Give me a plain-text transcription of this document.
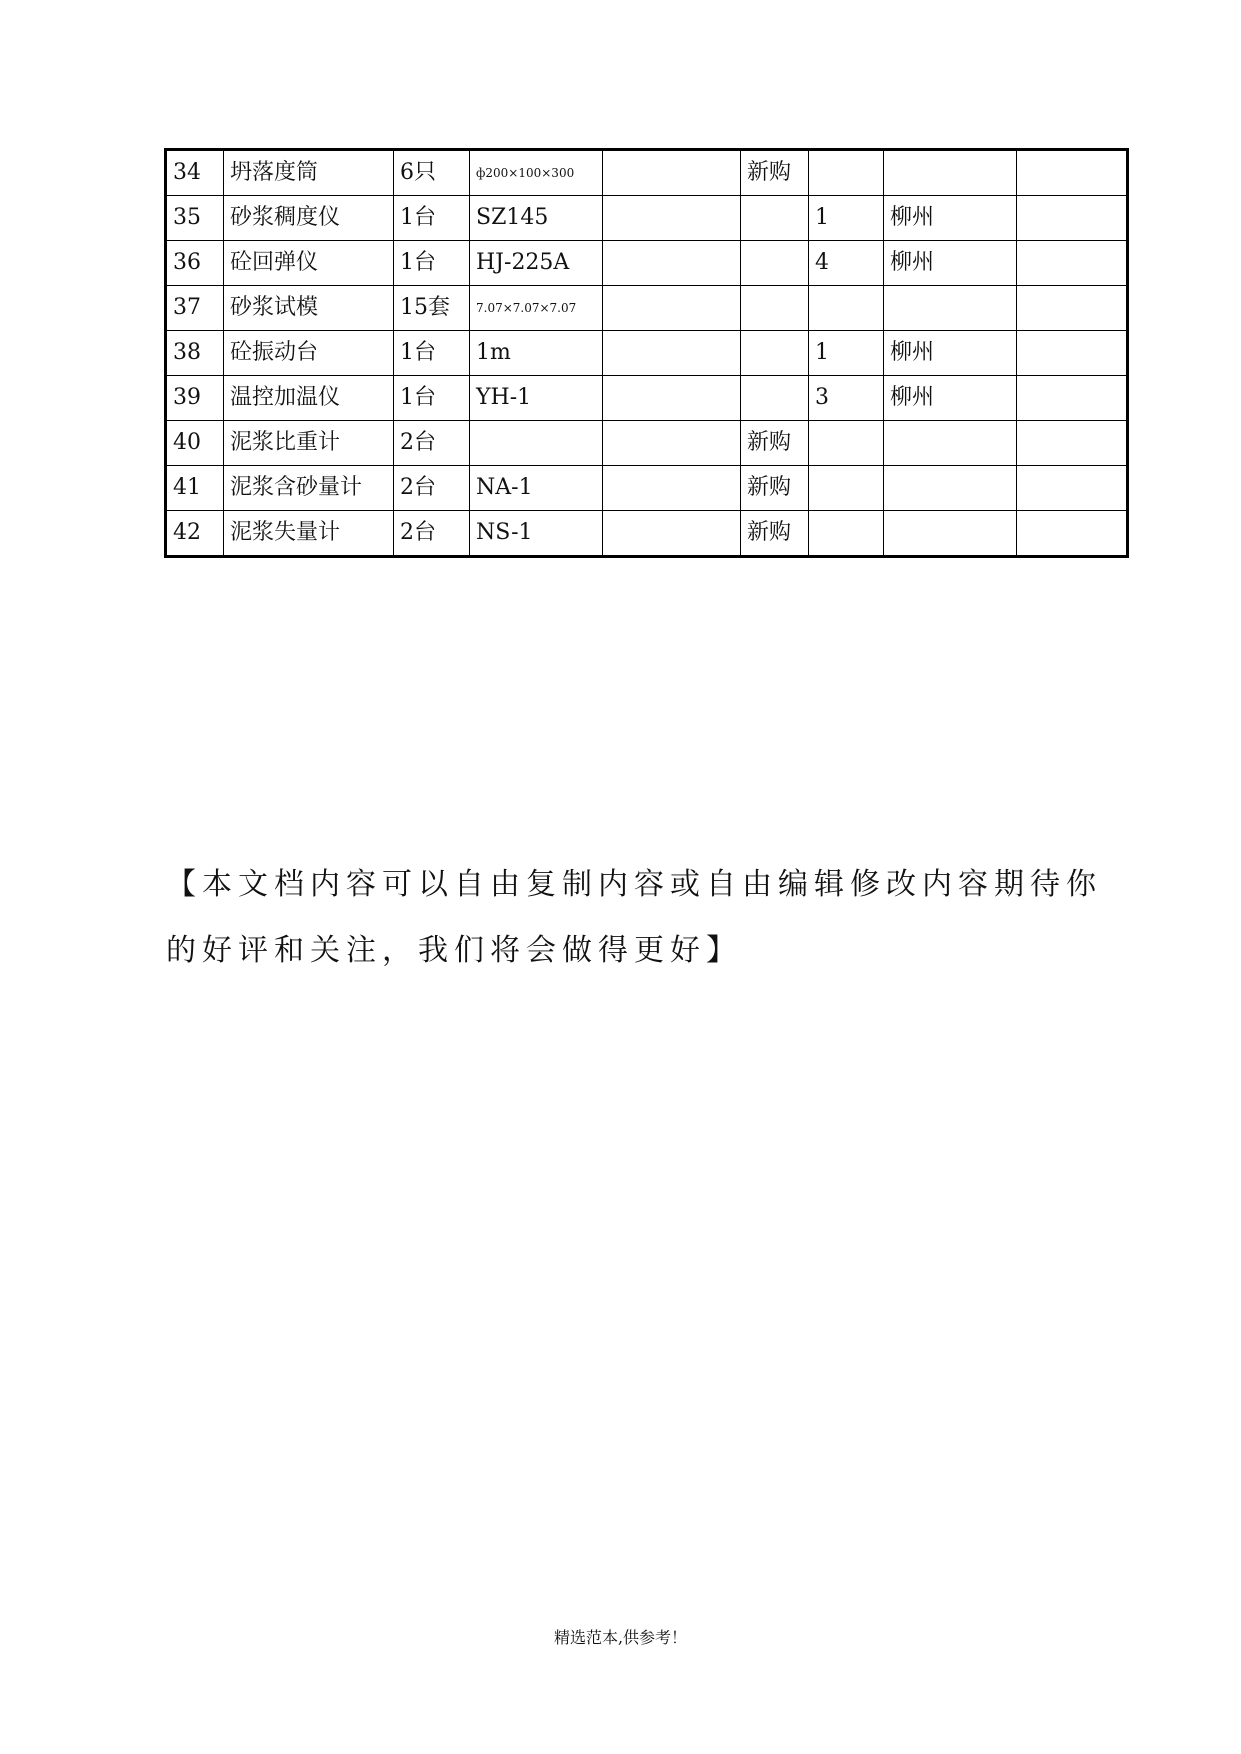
34	坍落度筒	6只	ф200×100×300		新购			
35	砂浆稠度仪	1台	SZ145			1	柳州	
36	砼回弹仪	1台	HJ-225A			4	柳州	
37	砂浆试模	15套	7.07×7.07×7.07					
38	砼振动台	1台	1m			1	柳州	
39	温控加温仪	1台	YH-1			3	柳州	
40	泥浆比重计	2台			新购			
41	泥浆含砂量计	2台	NA-1		新购			
42	泥浆失量计	2台	NS-1		新购			
【本文档内容可以自由复制内容或自由编辑修改内容期待你的好评和关注，我们将会做得更好】
精选范本,供参考！
